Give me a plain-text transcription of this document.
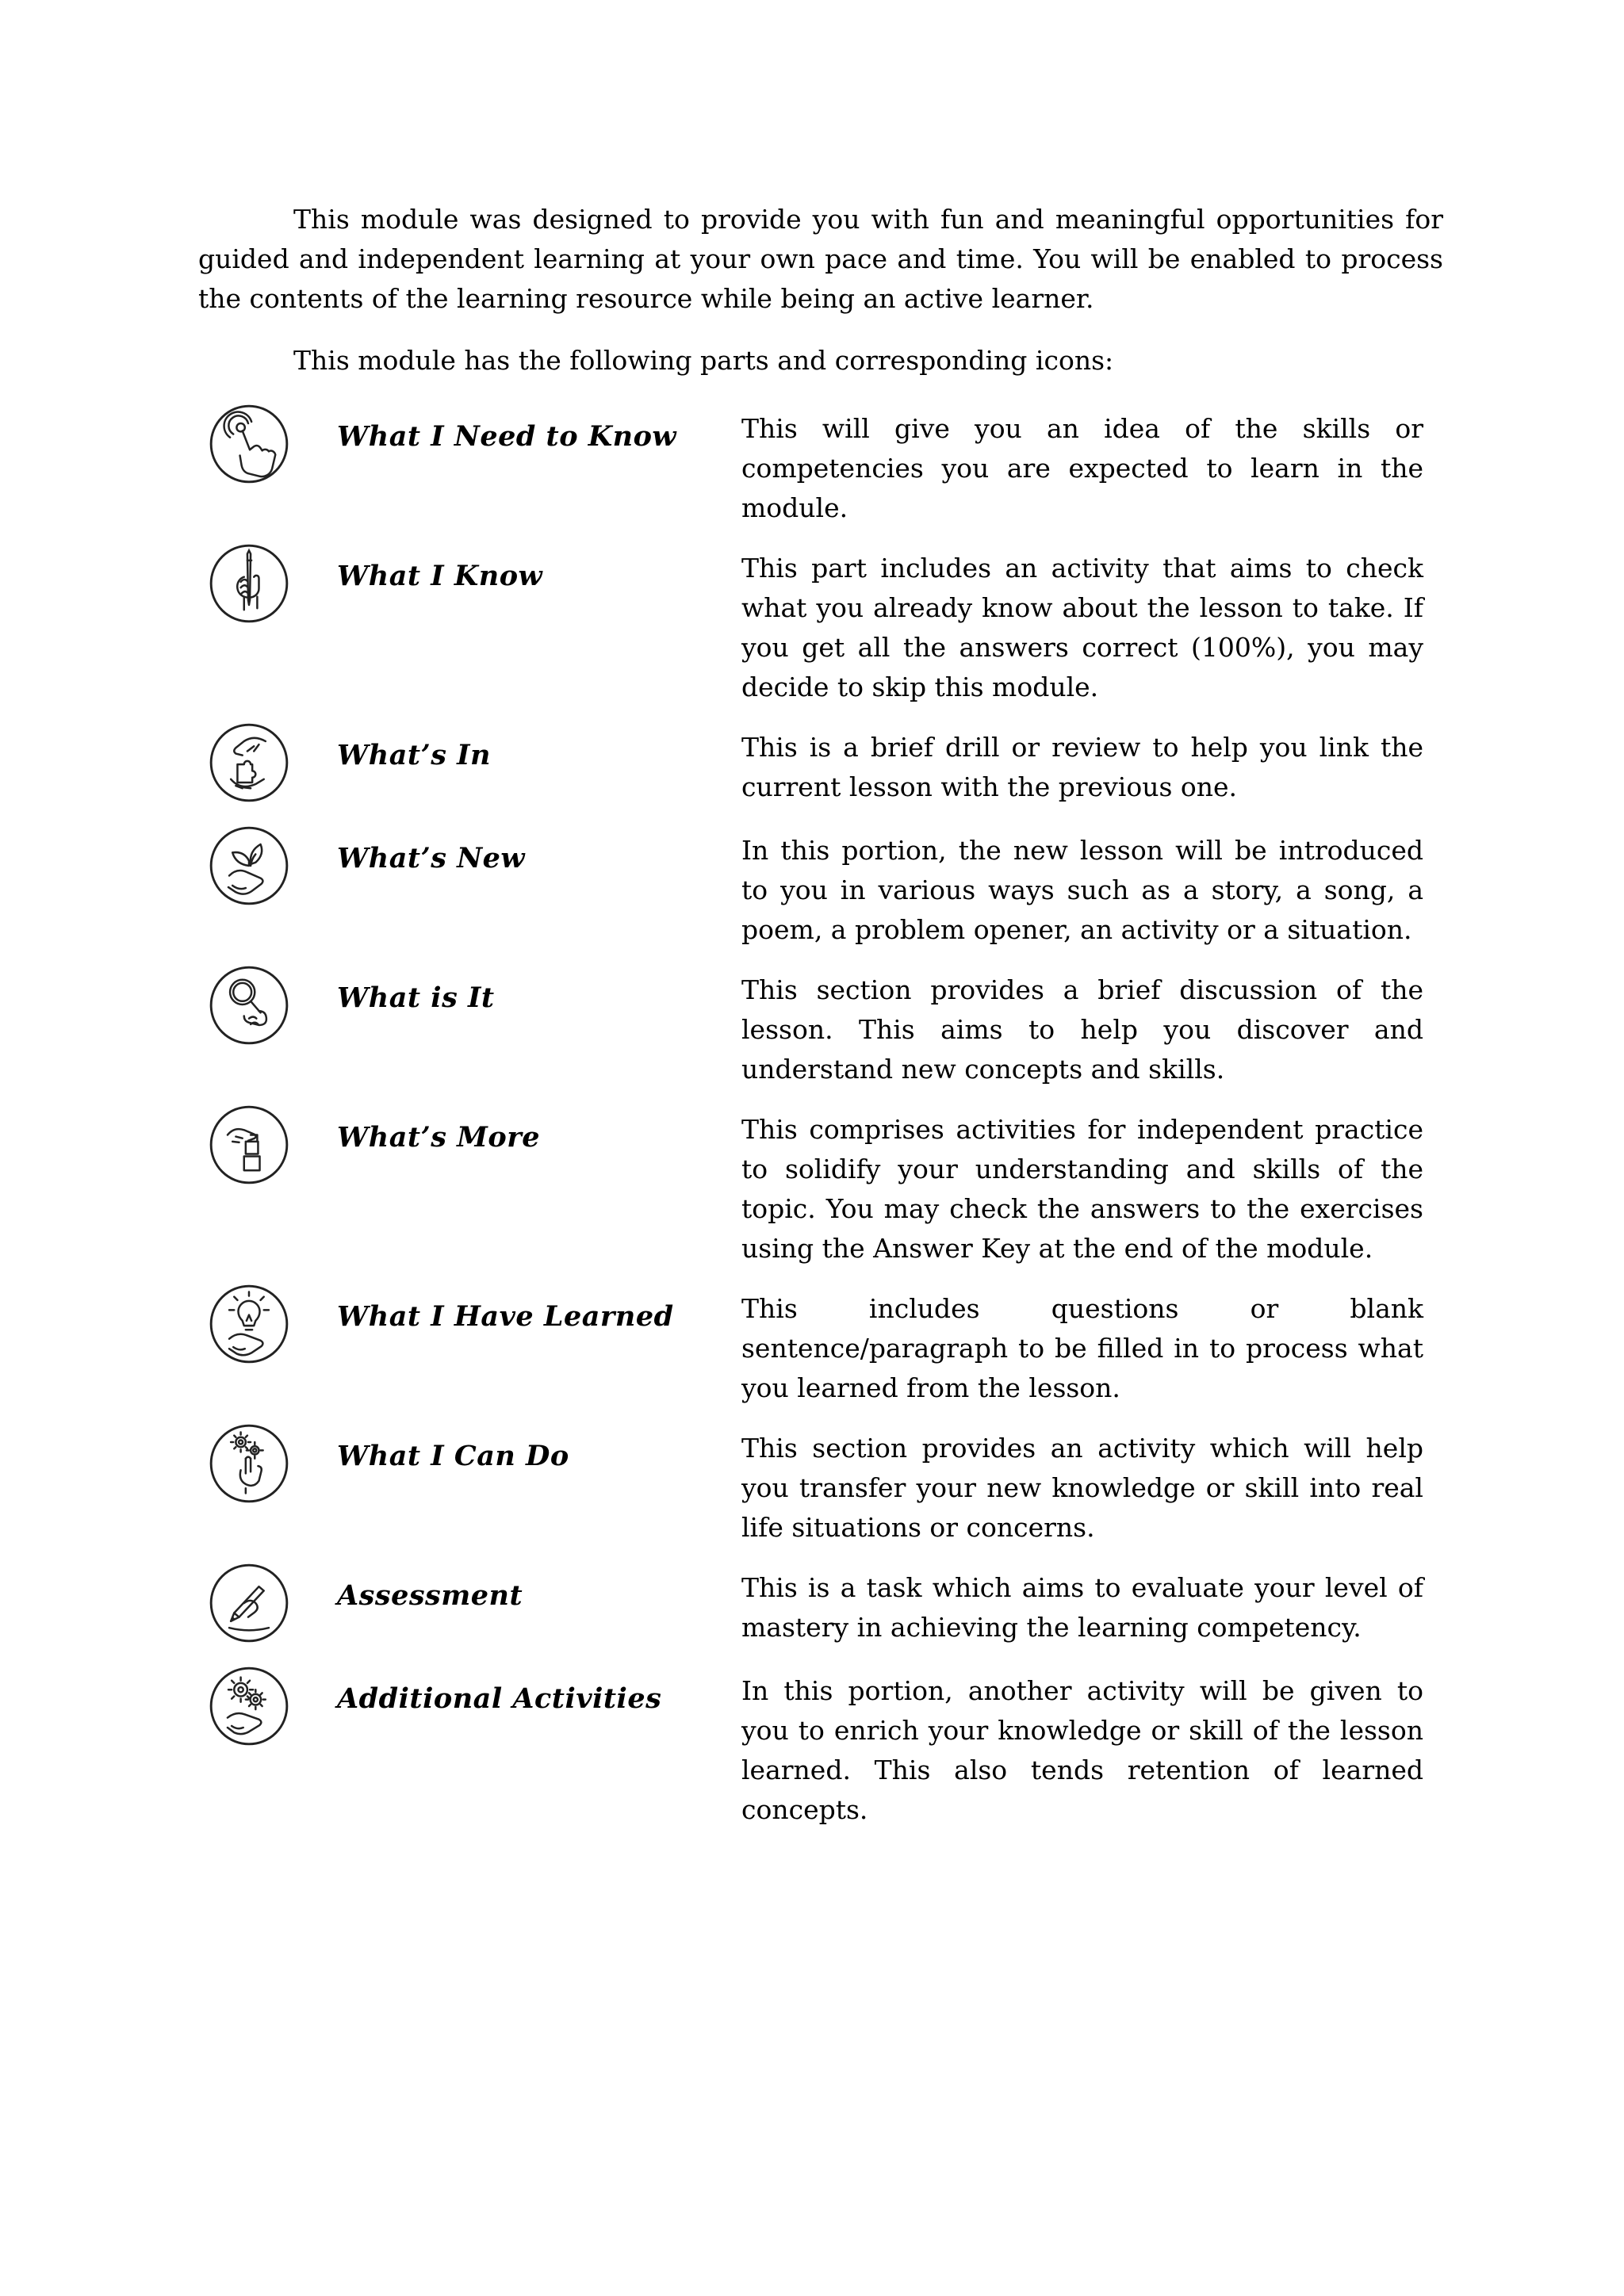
This module was designed to provide you with fun and meaningful opportunities for guided and independent learning at your own pace and time. You will be enabled to process the contents of the learning resource while being an active learner.

This module has the following parts and corresponding icons:

What I Need to Know	This will give you an idea of the skills or competencies you are expected to learn in the module.
What I Know	This part includes an activity that aims to check what you already know about the lesson to take. If you get all the answers correct (100%), you may decide to skip this module.
What’s In	This is a brief drill or review to help you link the current lesson with the previous one.
What’s New	In this portion, the new lesson will be introduced to you in various ways such as a story, a song, a poem, a problem opener, an activity or a situation.
What is It	This section provides a brief discussion of the lesson. This aims to help you discover and understand new concepts and skills.
What’s More	This comprises activities for independent practice to solidify your understanding and skills of the topic. You may check the answers to the exercises using the Answer Key at the end of the module.
What I Have Learned	This includes questions or blank sentence/paragraph to be filled in to process what you learned from the lesson.
What I Can Do	This section provides an activity which will help you transfer your new knowledge or skill into real life situations or concerns.
Assessment	This is a task which aims to evaluate your level of mastery in achieving the learning competency.
Additional Activities	In this portion, another activity will be given to you to enrich your knowledge or skill of the lesson learned. This also tends retention of learned concepts.
